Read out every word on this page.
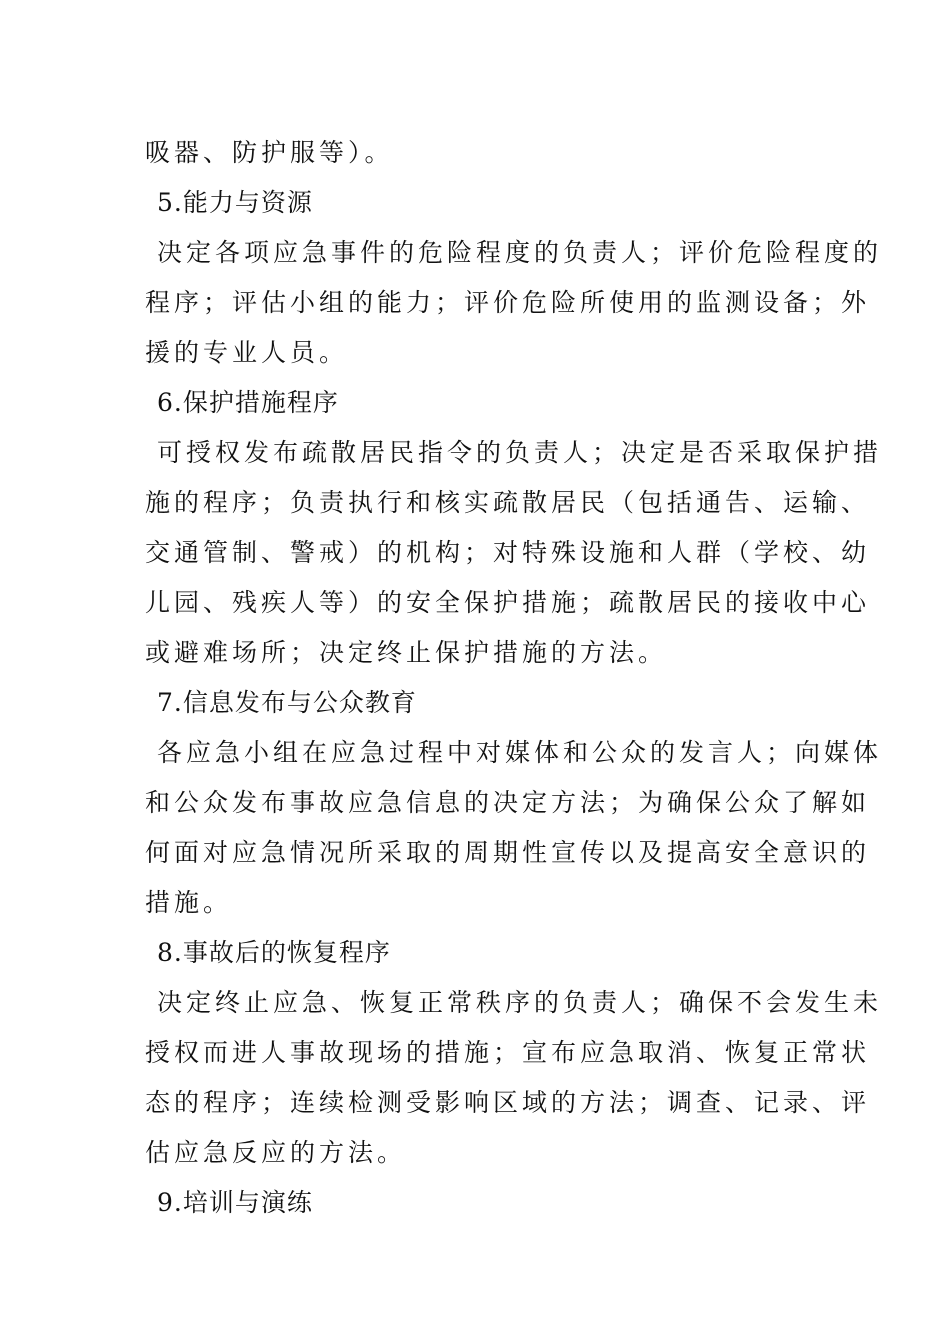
吸器、防护服等）。
5.能力与资源
决定各项应急事件的危险程度的负责人；评价危险程度的
程序；评估小组的能力；评价危险所使用的监测设备；外
援的专业人员。
6.保护措施程序
可授权发布疏散居民指令的负责人；决定是否采取保护措
施的程序；负责执行和核实疏散居民（包括通告、运输、
交通管制、警戒）的机构；对特殊设施和人群（学校、幼
儿园、残疾人等）的安全保护措施；疏散居民的接收中心
或避难场所；决定终止保护措施的方法。
7.信息发布与公众教育
各应急小组在应急过程中对媒体和公众的发言人；向媒体
和公众发布事故应急信息的决定方法；为确保公众了解如
何面对应急情况所采取的周期性宣传以及提高安全意识的
措施。
8.事故后的恢复程序
决定终止应急、恢复正常秩序的负责人；确保不会发生未
授权而进人事故现场的措施；宣布应急取消、恢复正常状
态的程序；连续检测受影响区域的方法；调查、记录、评
估应急反应的方法。
9.培训与演练
